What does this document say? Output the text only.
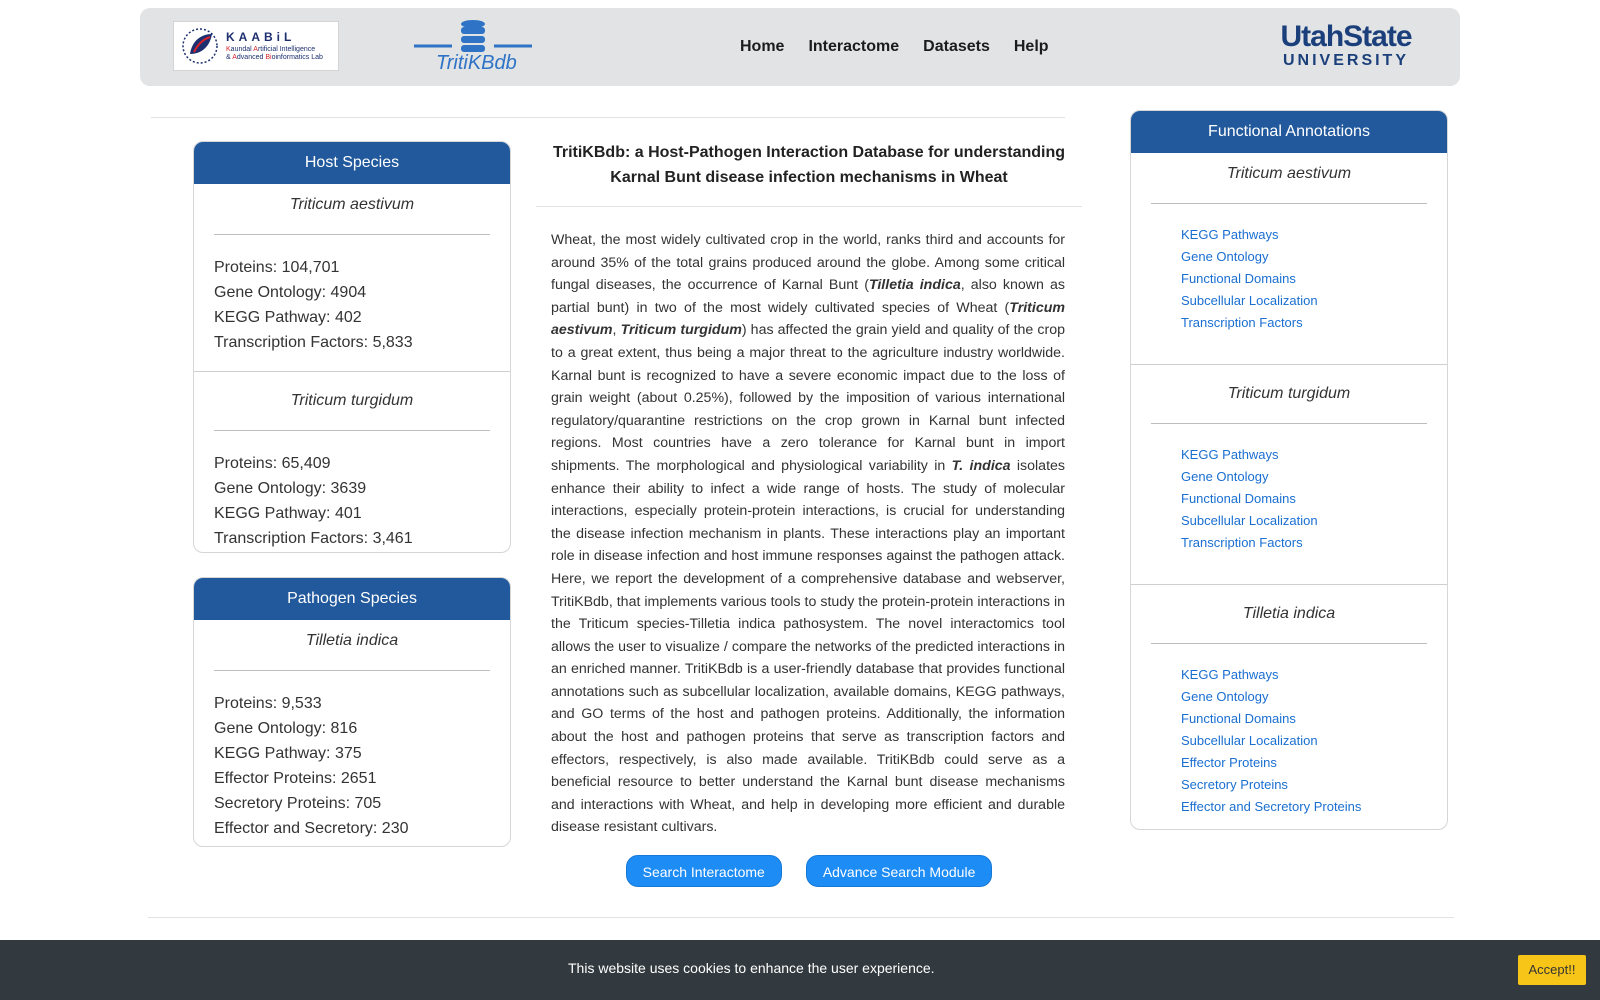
KAABiL
Kaundal Artificial Intelligence
& Advanced Bioinformatics Lab	TritiKBdb
Home Interactome Datasets Help	UtahState
UNIVERSITY
Host Species
Triticum aestivum
Proteins: 104,701
Gene Ontology: 4904
KEGG Pathway: 402
Transcription Factors: 5,833
Triticum turgidum
Proteins: 65,409
Gene Ontology: 3639
KEGG Pathway: 401
Transcription Factors: 3,461
Pathogen Species
Tilletia indica
Proteins: 9,533
Gene Ontology: 816
KEGG Pathway: 375
Effector Proteins: 2651
Secretory Proteins: 705
Effector and Secretory: 230
TritiKBdb: a Host-Pathogen Interaction Database for understanding Karnal Bunt disease infection mechanisms in Wheat

Wheat, the most widely cultivated crop in the world, ranks third and accounts for around 35% of the total grains produced around the globe. Among some critical fungal diseases, the occurrence of Karnal Bunt (Tilletia indica, also known as partial bunt) in two of the most widely cultivated species of Wheat (Triticum aestivum, Triticum turgidum) has affected the grain yield and quality of the crop to a great extent, thus being a major threat to the agriculture industry worldwide. Karnal bunt is recognized to have a severe economic impact due to the loss of grain weight (about 0.25%), followed by the imposition of various international regulatory/quarantine restrictions on the crop grown in Karnal bunt infected regions. Most countries have a zero tolerance for Karnal bunt in import shipments. The morphological and physiological variability in T. indica isolates enhance their ability to infect a wide range of hosts. The study of molecular interactions, especially protein-protein interactions, is crucial for understanding the disease infection mechanism in plants. These interactions play an important role in disease infection and host immune responses against the pathogen attack. Here, we report the development of a comprehensive database and webserver, TritiKBdb, that implements various tools to study the protein-protein interactions in the Triticum species-Tilletia indica pathosystem. The novel interactomics tool allows the user to visualize / compare the networks of the predicted interactions in an enriched manner. TritiKBdb is a user-friendly database that provides functional annotations such as subcellular localization, available domains, KEGG pathways, and GO terms of the host and pathogen proteins. Additionally, the information about the host and pathogen proteins that serve as transcription factors and effectors, respectively, is also made available. TritiKBdb could serve as a beneficial resource to better understand the Karnal bunt disease mechanisms and interactions with Wheat, and help in developing more efficient and durable disease resistant cultivars.

Search Interactome	Advance Search Module
Functional Annotations
Triticum aestivum
KEGG Pathways
Gene Ontology
Functional Domains
Subcellular Localization
Transcription Factors
Triticum turgidum
KEGG Pathways
Gene Ontology
Functional Domains
Subcellular Localization
Transcription Factors
Tilletia indica
KEGG Pathways
Gene Ontology
Functional Domains
Subcellular Localization
Effector Proteins
Secretory Proteins
Effector and Secretory Proteins
This website uses cookies to enhance the user experience.	Accept!!
